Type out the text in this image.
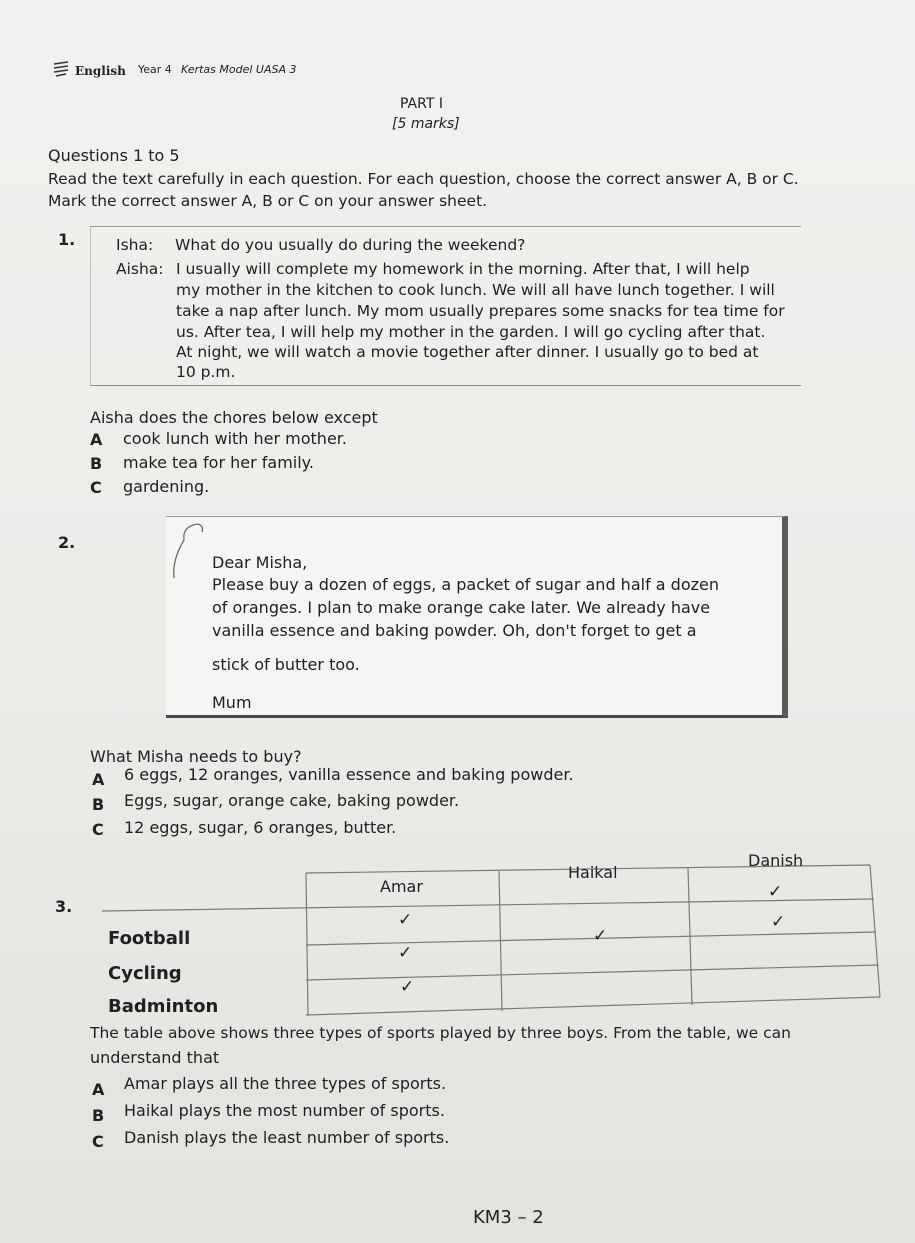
English Year 4 Kertas Model UASA 3
PART I
[5 marks]
Questions 1 to 5
Read the text carefully in each question. For each question, choose the correct answer A, B or C.
Mark the correct answer A, B or C on your answer sheet.
1.	Isha: What do you usually do during the weekend?
Aisha: I usually will complete my homework in the morning. After that, I will help
my mother in the kitchen to cook lunch. We will all have lunch together. I will
take a nap after lunch. My mom usually prepares some snacks for tea time for
us. After tea, I will help my mother in the garden. I will go cycling after that.
At night, we will watch a movie together after dinner. I usually go to bed at
10 p.m.
Aisha does the chores below except
A cook lunch with her mother.
B make tea for her family.
C gardening.
2.
Dear Misha,
Please buy a dozen of eggs, a packet of sugar and half a dozen
of oranges. I plan to make orange cake later. We already have
vanilla essence and baking powder. Oh, don't forget to get a
stick of butter too.
Mum
What Misha needs to buy?
A 6 eggs, 12 oranges, vanilla essence and baking powder.
B Eggs, sugar, orange cake, baking powder.
C 12 eggs, sugar, 6 oranges, butter.
3.
Amar
Haikal
Danish
Football
Cycling
Badminton
✓
✓
✓
✓
✓
✓
The table above shows three types of sports played by three boys. From the table, we can
understand that
A Amar plays all the three types of sports.
B Haikal plays the most number of sports.
C Danish plays the least number of sports.
KM3 – 2
